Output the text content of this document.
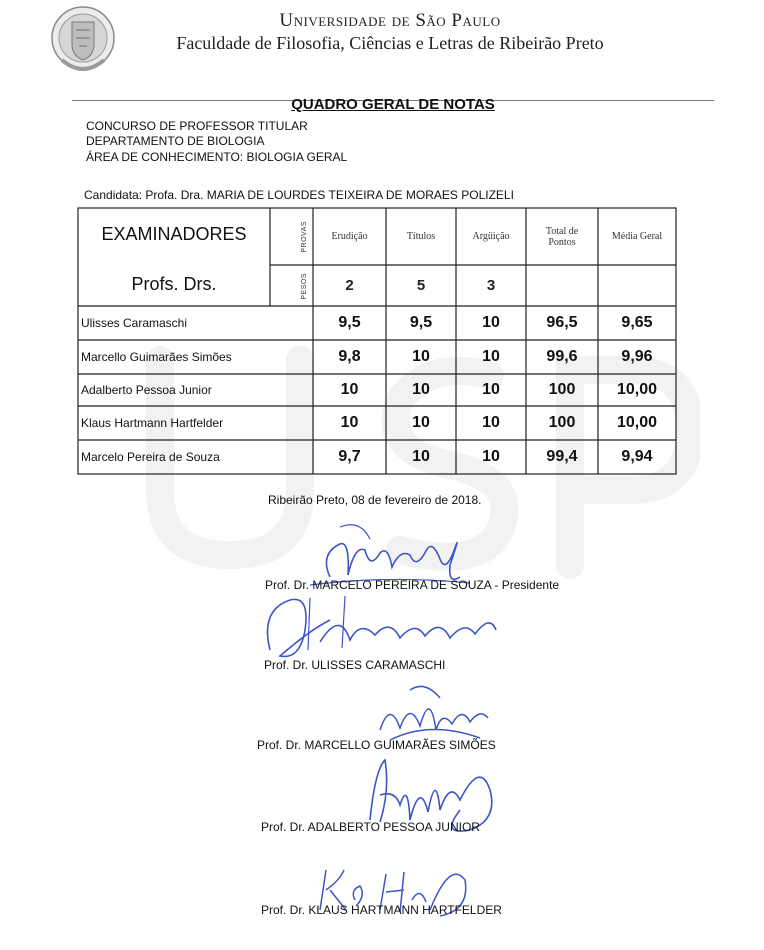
Universidade de São Paulo
Faculdade de Filosofia, Ciências e Letras de Ribeirão Preto
QUADRO GERAL DE NOTAS
CONCURSO DE PROFESSOR TITULAR
DEPARTAMENTO DE BIOLOGIA
ÁREA DE CONHECIMENTO: BIOLOGIA GERAL
Candidata: Profa. Dra. MARIA DE LOURDES TEIXEIRA DE MORAES POLIZELI
EXAMINADORES
Profs. Drs.
PROVAS
PESOS
Erudição	Títulos	Argüição	Total de Pontos	Média Geral
2	5	3
Ulisses Caramaschi	9,5	9,5	10	96,5	9,65
Marcello Guimarães Simões	9,8	10	10	99,6	9,96
Adalberto Pessoa Junior	10	10	10	100	10,00
Klaus Hartmann Hartfelder	10	10	10	100	10,00
Marcelo Pereira de Souza	9,7	10	10	99,4	9,94
Ribeirão Preto, 08 de fevereiro de 2018.
Prof. Dr. MARCELO PEREIRA DE SOUZA - Presidente
Prof. Dr. ULISSES CARAMASCHI
Prof. Dr. MARCELLO GUIMARÃES SIMÕES
Prof. Dr. ADALBERTO PESSOA JUNIOR
Prof. Dr. KLAUS HARTMANN HARTFELDER
